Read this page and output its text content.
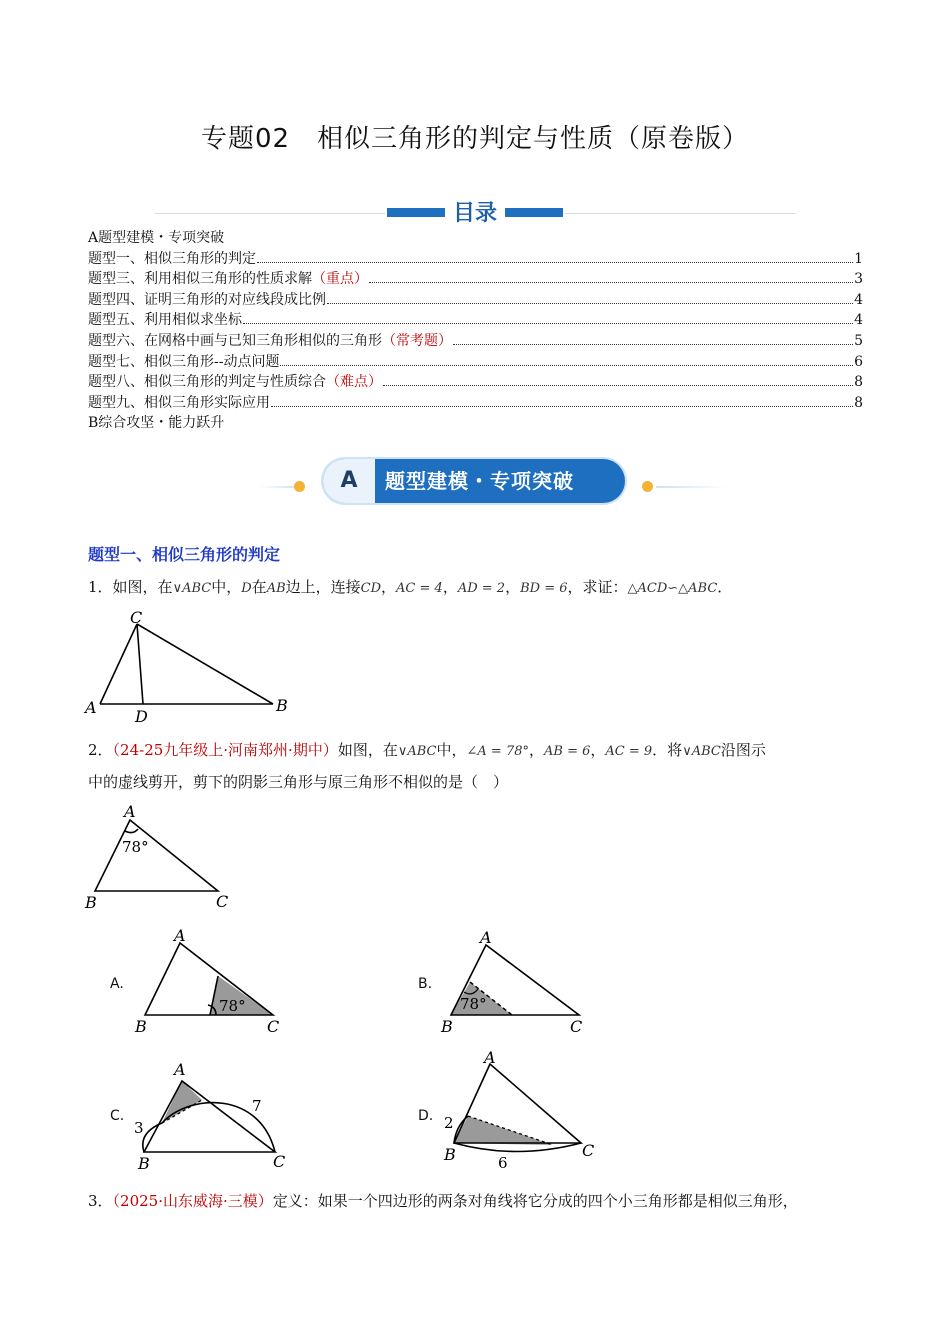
专题02　相似三角形的判定与性质（原卷版）
目录
A题型建模・专项突破
题型一、相似三角形的判定	1
题型三、利用相似三角形的性质求解 （重点）	3
题型四、证明三角形的对应线段成比例	4
题型五、利用相似求坐标	4
题型六、在网格中画与已知三角形相似的三角形 （常考题）	5
题型七、相似三角形--动点问题	6
题型八、相似三角形的判定与性质综合 （难点）	8
题型九、相似三角形实际应用	8
B综合攻坚・能力跃升
A	题型建模・专项突破
题型一、相似三角形的判定
1．如图，在∨ABC中，D在AB边上，连接CD，AC = 4，AD = 2，BD = 6，求证：△ACD∽△ABC．
C
A D
B
2．（24-25九年级上·河南郑州·期中）如图，在∨ABC中，∠A = 78°，AB = 6，AC = 9．将∨ABC沿图示
中的虚线剪开，剪下的阴影三角形与原三角形不相似的是（　）
A
B	C
78°
A.
A
B	C
78°
B.
A
B	C
78°
C.
A
B	C
3
7
D.
A
B	C
2
6
3．（2025·山东威海·三模）定义：如果一个四边形的两条对角线将它分成的四个小三角形都是相似三角形，
